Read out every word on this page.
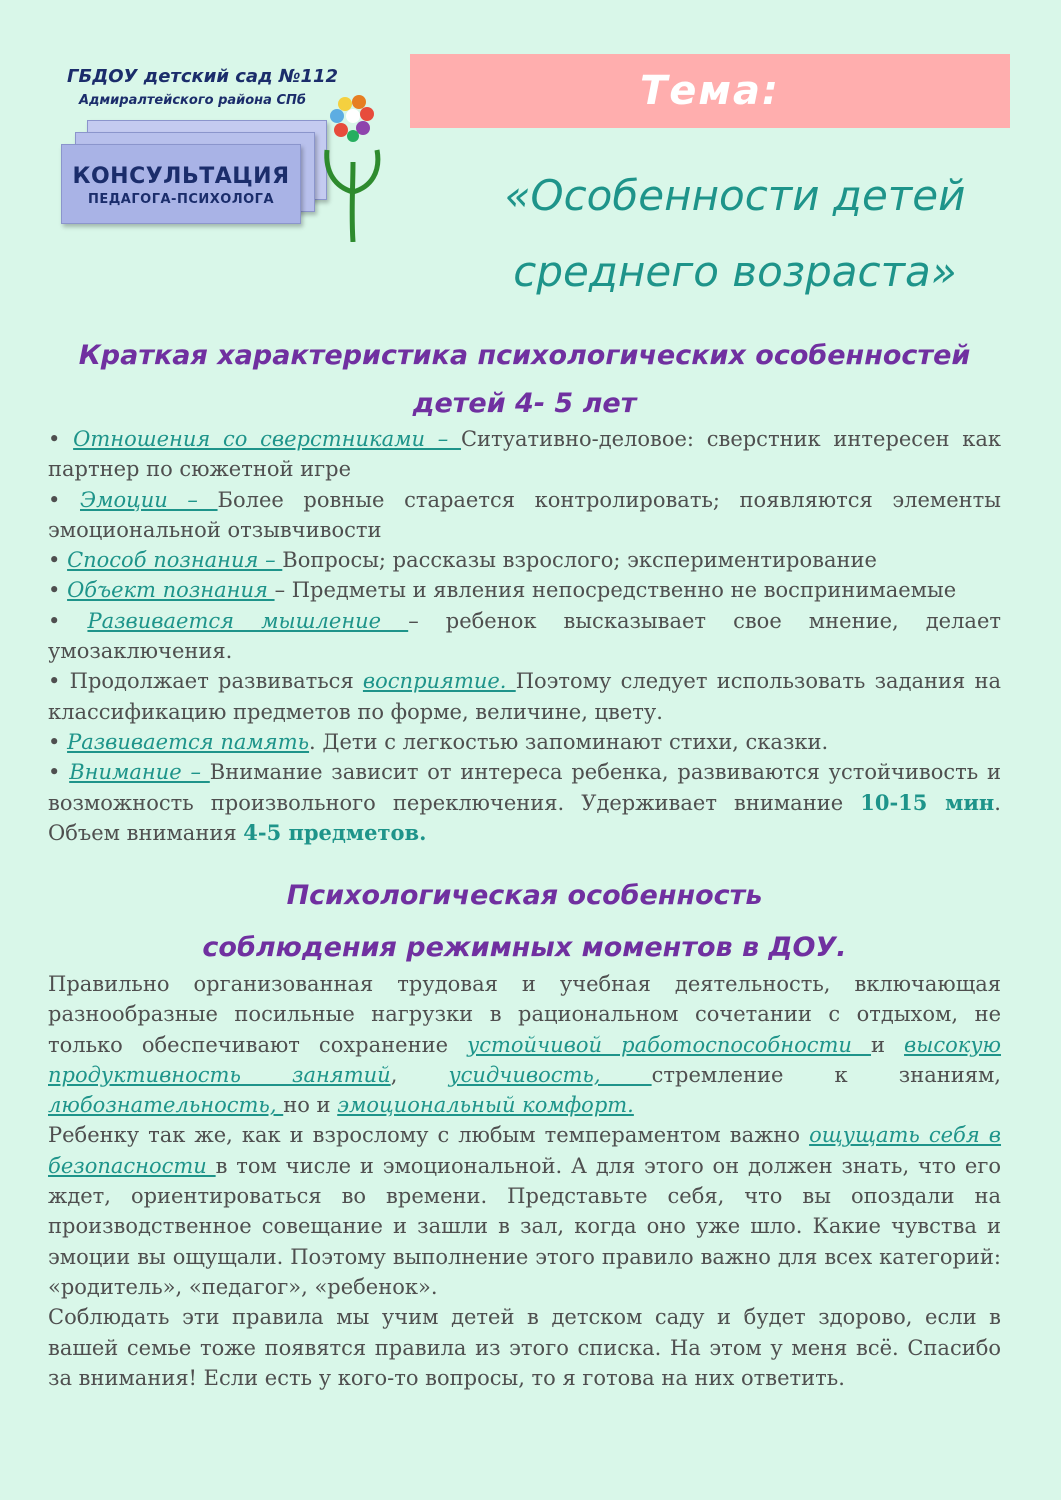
ГБДОУ детский сад №112
Адмиралтейского района СПб
КОНСУЛЬТАЦИЯ
ПЕДАГОГА-ПСИХОЛОГА
Тема:
«Особенности детей
среднего возраста»
Краткая характеристика психологических особенностей
детей 4- 5 лет

• Отношения со сверстниками – Ситуативно-деловое: сверстник интересен как партнер по сюжетной игре

• Эмоции – Более ровные старается контролировать; появляются элементы эмоциональной отзывчивости

• Способ познания – Вопросы; рассказы взрослого; экспериментирование

• Объект познания – Предметы и явления непосредственно не воспринимаемые

• Развивается мышление – ребенок высказывает свое мнение, делает умозаключения.

• Продолжает развиваться восприятие. Поэтому следует использовать задания на классификацию предметов по форме, величине, цвету.

• Развивается память. Дети с легкостью запоминают стихи, сказки.

• Внимание – Внимание зависит от интереса ребенка, развиваются устойчивость и возможность произвольного переключения. Удерживает внимание 10-15 мин. Объем внимания 4-5 предметов.

Психологическая особенность
соблюдения режимных моментов в ДОУ.

Правильно организованная трудовая и учебная деятельность, включающая разнообразные посильные нагрузки в рациональном сочетании с отдыхом, не только обеспечивают сохранение устойчивой работоспособности и высокую продуктивность занятий, усидчивость, стремление к знаниям, любознательность, но и эмоциональный комфорт.

Ребенку так же, как и взрослому с любым темпераментом важно ощущать себя в безопасности в том числе и эмоциональной. А для этого он должен знать, что его ждет, ориентироваться во времени. Представьте себя, что вы опоздали на производственное совещание и зашли в зал, когда оно уже шло. Какие чувства и эмоции вы ощущали. Поэтому выполнение этого правило важно для всех категорий: «родитель», «педагог», «ребенок».

Соблюдать эти правила мы учим детей в детском саду и будет здорово, если в вашей семье тоже появятся правила из этого списка. На этом у меня всё. Спасибо за внимания! Если есть у кого-то вопросы, то я готова на них ответить.
